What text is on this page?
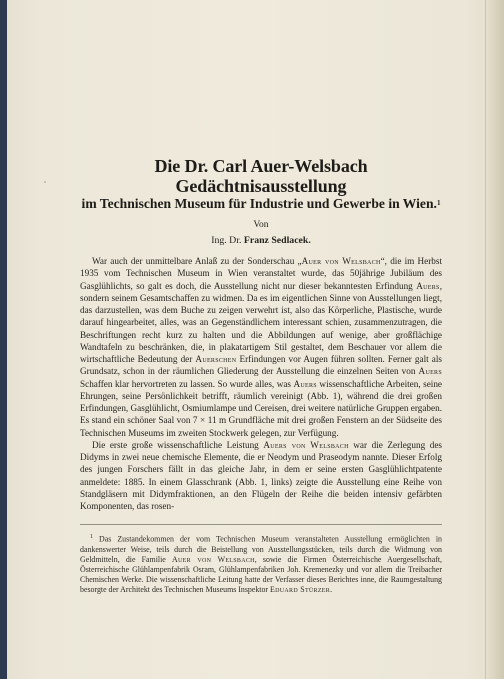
Die Dr. Carl Auer-Welsbach Gedächtnisausstellung
im Technischen Museum für Industrie und Gewerbe in Wien.$^1$
Von
Ing. Dr. Franz Sedlacek.

War auch der unmittelbare Anlaß zu der Sonderschau „Auer von Welsbach“, die im Herbst 1935 vom Technischen Museum in Wien veranstaltet wurde, das 50jährige Jubiläum des Gasglühlichts, so galt es doch, die Ausstellung nicht nur dieser bekanntesten Erfindung Auers, sondern seinem Gesamtschaffen zu widmen. Da es im eigentlichen Sinne von Ausstellungen liegt, das darzustellen, was dem Buche zu zeigen verwehrt ist, also das Körperliche, Plastische, wurde darauf hingearbeitet, alles, was an Gegenständlichem interessant schien, zusammenzutragen, die Beschriftungen recht kurz zu halten und die Abbildungen auf wenige, aber großflächige Wandtafeln zu beschränken, die, in plakatartigem Stil gestaltet, dem Beschauer vor allem die wirtschaftliche Bedeutung der Auerschen Erfindungen vor Augen führen sollten. Ferner galt als Grundsatz, schon in der räumlichen Gliederung der Ausstellung die einzelnen Seiten von Auers Schaffen klar hervortreten zu lassen. So wurde alles, was Auers wissenschaftliche Arbeiten, seine Ehrungen, seine Persönlichkeit betrifft, räumlich vereinigt (Abb. 1), während die drei großen Erfindungen, Gasglühlicht, Osmiumlampe und Cereisen, drei weitere natürliche Gruppen ergaben. Es stand ein schöner Saal von 7 × 11 m Grundfläche mit drei großen Fenstern an der Südseite des Technischen Museums im zweiten Stockwerk gelegen, zur Verfügung.

Die erste große wissenschaftliche Leistung Auers von Welsbach war die Zerlegung des Didyms in zwei neue chemische Elemente, die er Neodym und Praseodym nannte. Dieser Erfolg des jungen Forschers fällt in das gleiche Jahr, in dem er seine ersten Gasglühlichtpatente anmeldete: 1885. In einem Glasschrank (Abb. 1, links) zeigte die Ausstellung eine Reihe von Standgläsern mit Didymfraktionen, an den Flügeln der Reihe die beiden intensiv gefärbten Komponenten, das rosen-

$^1$ Das Zustandekommen der vom Technischen Museum veranstalteten Ausstellung ermöglichten in dankenswerter Weise, teils durch die Beistellung von Ausstellungsstücken, teils durch die Widmung von Geldmitteln, die Familie Auer von Welsbach, sowie die Firmen Österreichische Auergesellschaft, Österreichische Glühlampenfabrik Osram, Glühlampenfabriken Joh. Kremenezky und vor allem die Treibacher Chemischen Werke. Die wissenschaftliche Leitung hatte der Verfasser dieses Berichtes inne, die Raumgestaltung besorgte der Architekt des Technischen Museums Inspektor Eduard Stürzer.
